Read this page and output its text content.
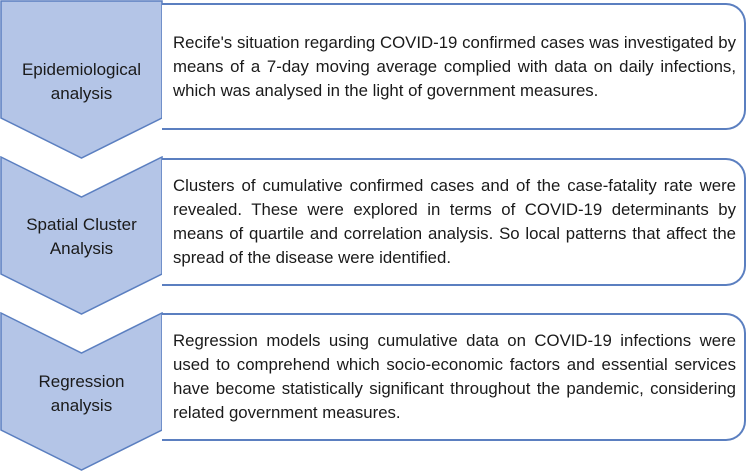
Epidemiological
analysis
Recife's situation regarding COVID-19 confirmed cases was investigated by means of a 7-day moving average complied with data on daily infections, which was analysed in the light of government measures.
Spatial Cluster
Analysis
Clusters of cumulative confirmed cases and of the case-fatality rate were revealed. These were explored in terms of COVID-19 determinants by means of quartile and correlation analysis. So local patterns that affect the spread of the disease were identified.
Regression
analysis
Regression models using cumulative data on COVID-19 infections were used to comprehend which socio-economic factors and essential services have become statistically significant throughout the pandemic, considering related government measures.
